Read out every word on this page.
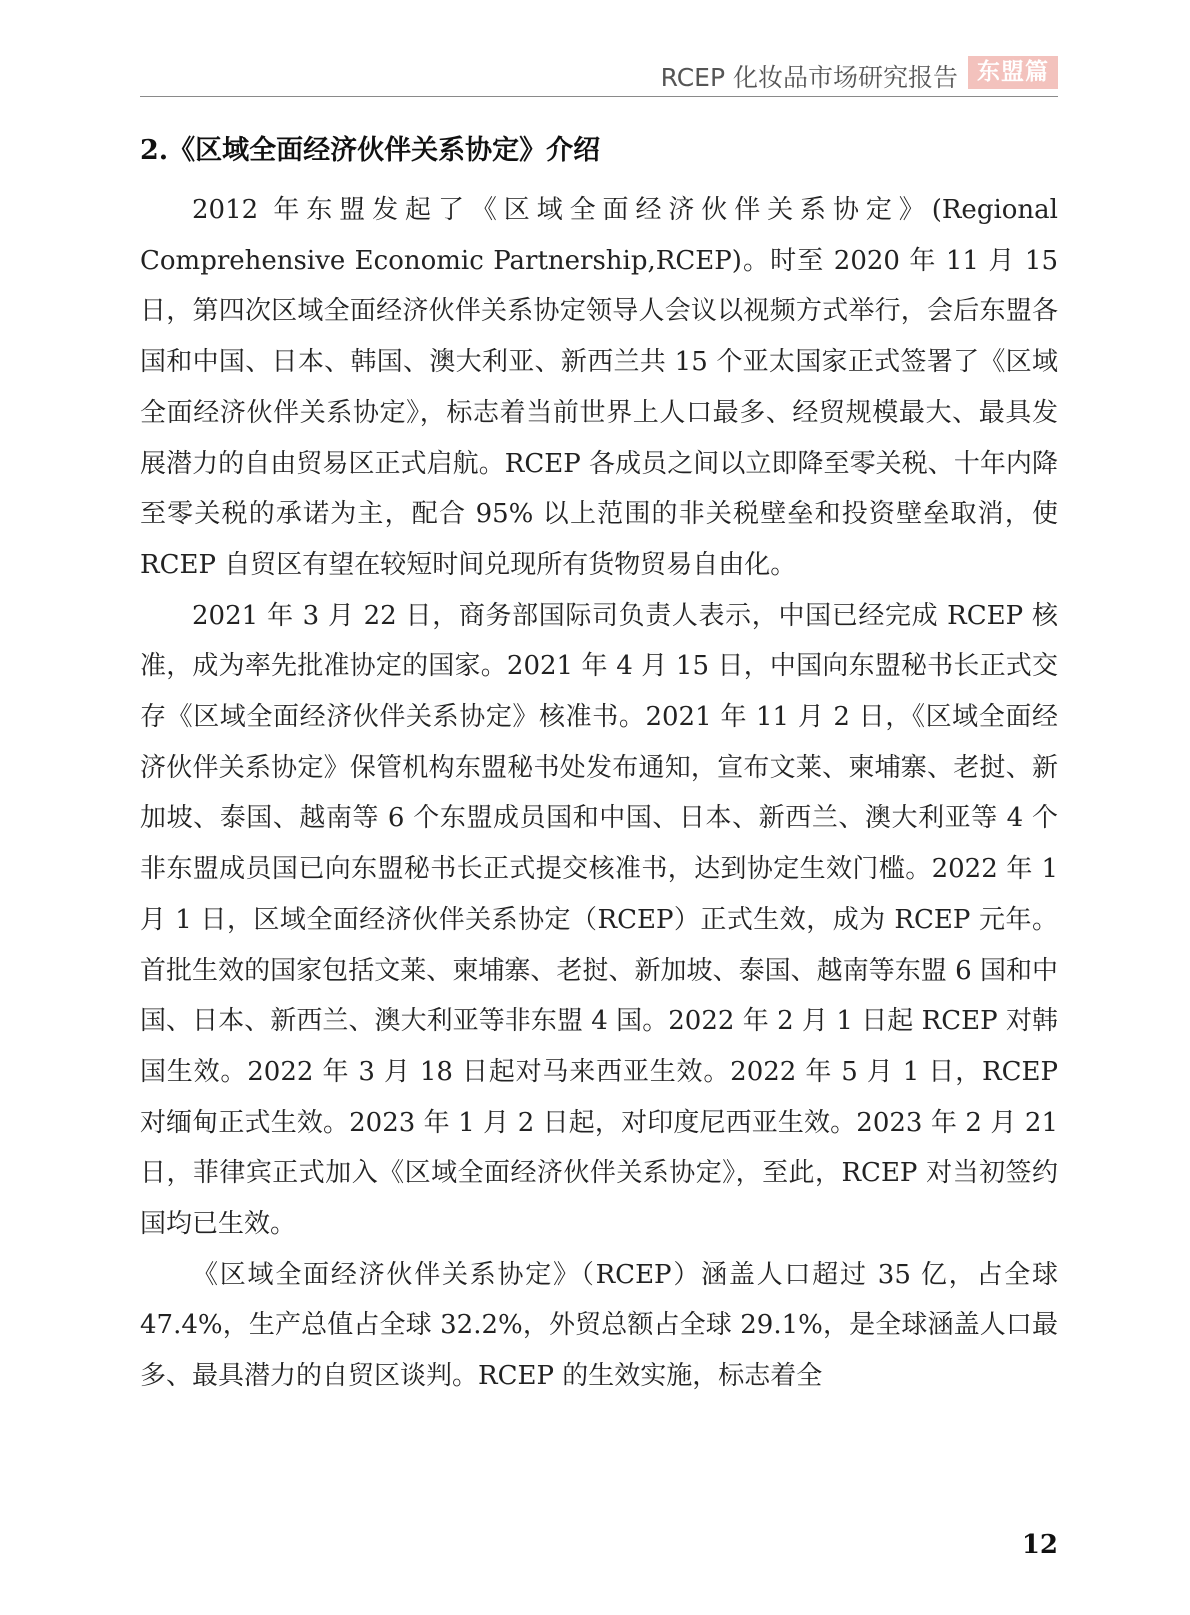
RCEP 化妆品市场研究报告 东盟篇
2.《区域全面经济伙伴关系协定》介绍

2012 年东盟发起了《区域全面经济伙伴关系协定》(Regional Comprehensive Economic Partnership,RCEP)。时至 2020 年 11 月 15 日，第四次区域全面经济伙伴关系协定领导人会议以视频方式举行，会后东盟各国和中国、日本、韩国、澳大利亚、新西兰共 15 个亚太国家正式签署了《区域全面经济伙伴关系协定》，标志着当前世界上人口最多、经贸规模最大、最具发展潜力的自由贸易区正式启航。RCEP 各成员之间以立即降至零关税、十年内降至零关税的承诺为主，配合 95% 以上范围的非关税壁垒和投资壁垒取消，使 RCEP 自贸区有望在较短时间兑现所有货物贸易自由化。

2021 年 3 月 22 日，商务部国际司负责人表示，中国已经完成 RCEP 核准，成为率先批准协定的国家。2021 年 4 月 15 日，中国向东盟秘书长正式交存《区域全面经济伙伴关系协定》核准书。2021 年 11 月 2 日，《区域全面经济伙伴关系协定》保管机构东盟秘书处发布通知，宣布文莱、柬埔寨、老挝、新加坡、泰国、越南等 6 个东盟成员国和中国、日本、新西兰、澳大利亚等 4 个非东盟成员国已向东盟秘书长正式提交核准书，达到协定生效门槛。2022 年 1 月 1 日，区域全面经济伙伴关系协定（RCEP）正式生效，成为 RCEP 元年。首批生效的国家包括文莱、柬埔寨、老挝、新加坡、泰国、越南等东盟 6 国和中国、日本、新西兰、澳大利亚等非东盟 4 国。2022 年 2 月 1 日起 RCEP 对韩国生效。2022 年 3 月 18 日起对马来西亚生效。2022 年 5 月 1 日，RCEP 对缅甸正式生效。2023 年 1 月 2 日起，对印度尼西亚生效。2023 年 2 月 21 日，菲律宾正式加入《区域全面经济伙伴关系协定》，至此，RCEP 对当初签约国均已生效。

《区域全面经济伙伴关系协定》（RCEP）涵盖人口超过 35 亿，占全球 47.4%，生产总值占全球 32.2%，外贸总额占全球 29.1%，是全球涵盖人口最多、最具潜力的自贸区谈判。RCEP 的生效实施，标志着全

12
